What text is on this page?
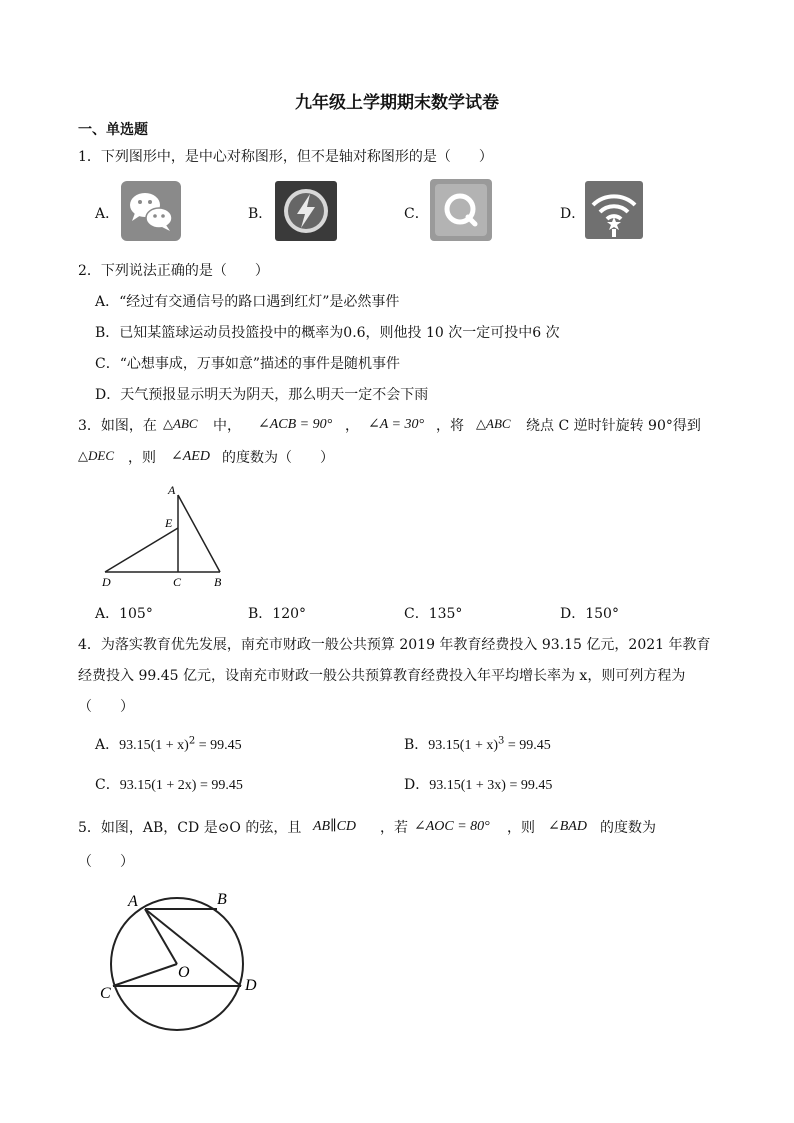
九年级上学期期末数学试卷
一、单选题
1．下列图形中，是中心对称图形，但不是轴对称图形的是（　　）
A．	B．	C．	D．
2．下列说法正确的是（　　）
A．“经过有交通信号的路口遇到红灯”是必然事件
B．已知某篮球运动员投篮投中的概率为0.6，则他投 10 次一定可投中6 次
C．“心想事成，万事如意”描述的事件是随机事件
D．天气预报显示明天为阴天，那么明天一定不会下雨
3．如图，在 △ABC 中， ∠ACB = 90° ， ∠A = 30° ，将 △ABC 绕点 C 逆时针旋转 90°得到
△DEC ，则 ∠AED 的度数为（　　）
A
E
D	C	B
A．105°	B．120°	C．135°	D．150°
4．为落实教育优先发展，南充市财政一般公共预算 2019 年教育经费投入 93.15 亿元，2021 年教育
经费投入 99.45 亿元，设南充市财政一般公共预算教育经费投入年平均增长率为 x，则可列方程为
（　　）
A．$93.15(1 + x)^2 = 99.45$	B．$93.15(1 + x)^3 = 99.45$
C．93.15(1 + 2x) = 99.45	D．93.15(1 + 3x) = 99.45
5．如图，AB，CD 是⊙O 的弦，且 AB∥CD ，若 ∠AOC = 80° ，则 ∠BAD 的度数为
（　　）
A	B
O
C	D
